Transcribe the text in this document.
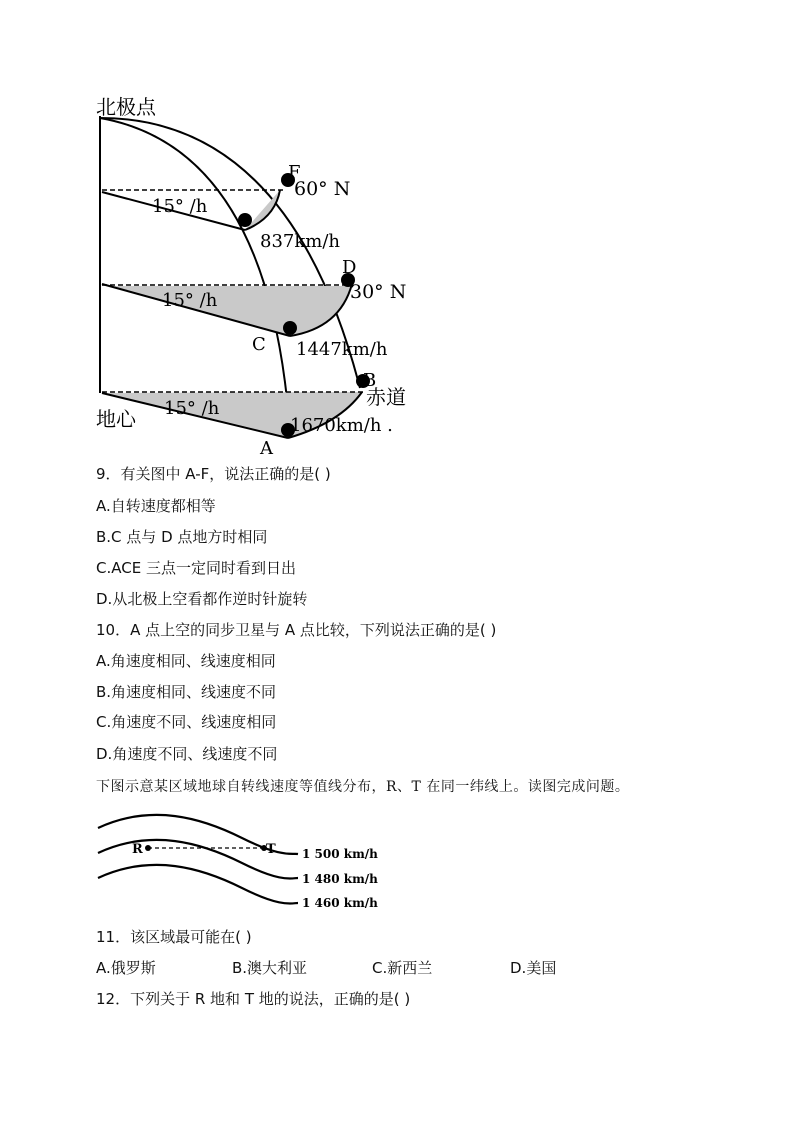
北极点
地心
赤道
15° /h
15° /h
15° /h
60° N
30° N
837km/h
1447km/h
1670km/h .
F
D
C
B
A
9．有关图中 A-F，说法正确的是( )
A.自转速度都相等
B.C 点与 D 点地方时相同
C.ACE 三点一定同时看到日出
D.从北极上空看都作逆时针旋转
10．A 点上空的同步卫星与 A 点比较，下列说法正确的是( )
A.角速度相同、线速度相同
B.角速度相同、线速度不同
C.角速度不同、线速度相同
D.角速度不同、线速度不同
下图示意某区域地球自转线速度等值线分布，R、T 在同一纬线上。读图完成问题。
R	T 1 500 km/h
1 480 km/h
1 460 km/h
11．该区域最可能在( )
A.俄罗斯	B.澳大利亚	C.新西兰	D.美国
12．下列关于 R 地和 T 地的说法，正确的是( )
